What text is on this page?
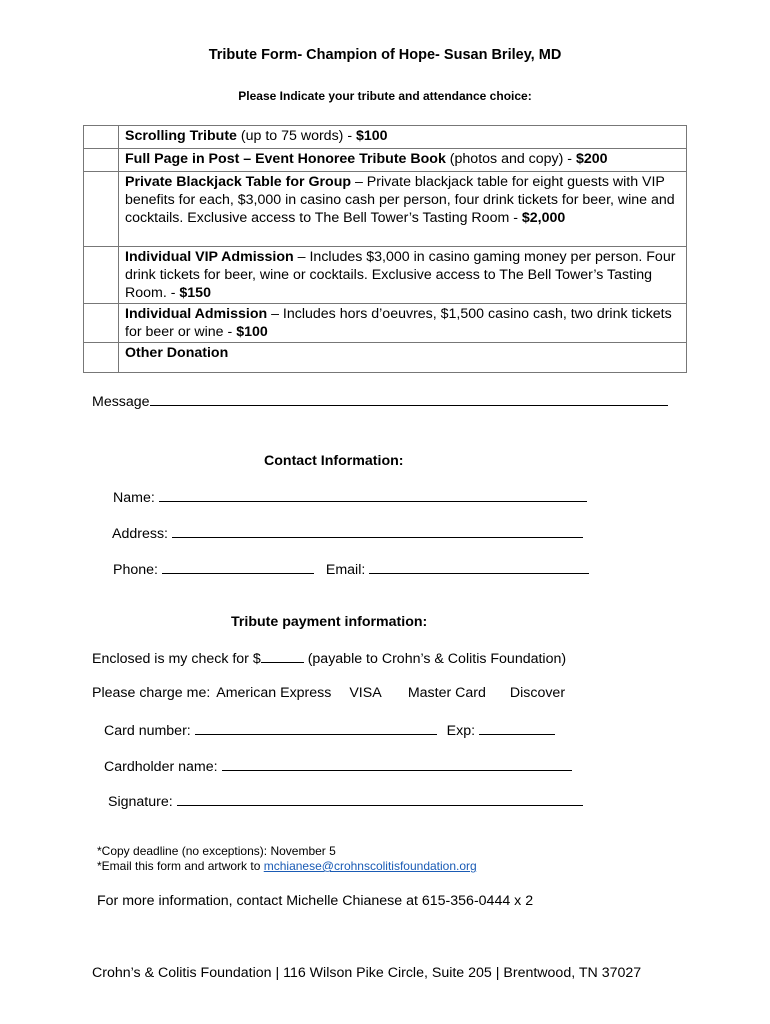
Tribute Form- Champion of Hope- Susan Briley, MD
Please Indicate your tribute and attendance choice:
	Scrolling Tribute (up to 75 words) - $100
	Full Page in Post – Event Honoree Tribute Book (photos and copy) - $200
	Private Blackjack Table for Group – Private blackjack table for eight guests with VIP benefits for each, $3,000 in casino cash per person, four drink tickets for beer, wine and cocktails. Exclusive access to The Bell Tower’s Tasting Room - $2,000
	Individual VIP Admission – Includes $3,000 in casino gaming money per person. Four drink tickets for beer, wine or cocktails. Exclusive access to The Bell Tower’s Tasting Room. - $150
	Individual Admission – Includes hors d’oeuvres, $1,500 casino cash, two drink tickets for beer or wine - $100
	Other Donation
Message
Contact Information:
Name:
Address:
Phone:	Email:
Tribute payment information:
Enclosed is my check for $	(payable to Crohn’s & Colitis Foundation)
Please charge me: American Express VISA Master Card Discover
Card number:	Exp:
Cardholder name:
Signature:
*Copy deadline (no exceptions): November 5
*Email this form and artwork to mchianese@crohnscolitisfoundation.org
For more information, contact Michelle Chianese at 615-356-0444 x 2
Crohn’s & Colitis Foundation | 116 Wilson Pike Circle, Suite 205 | Brentwood, TN 37027
